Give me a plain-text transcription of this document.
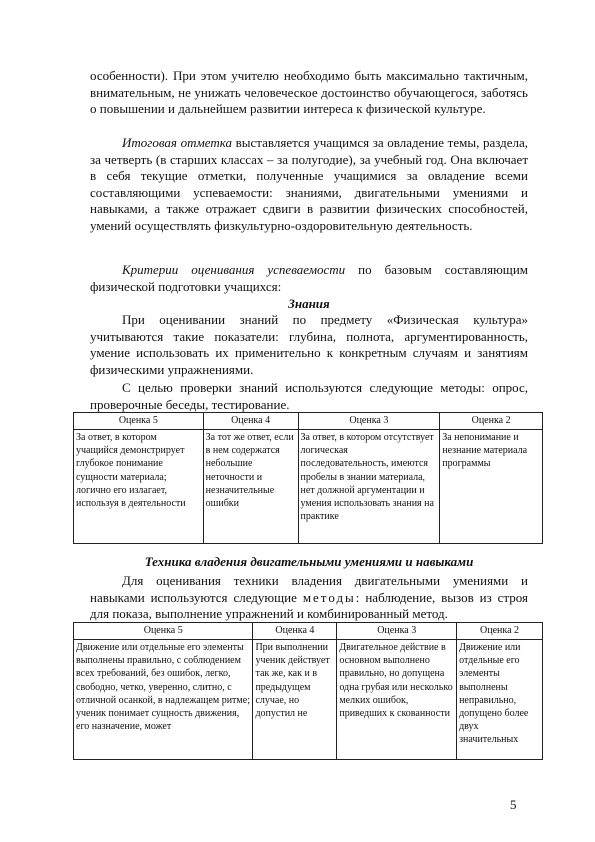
особенности). При этом учителю необходимо быть максимально тактичным, внимательным, не унижать человеческое достоинство обучающегося, заботясь о повышении и дальнейшем развитии интереса к физической культуре.
Итоговая отметка выставляется учащимся за овладение темы, раздела, за четверть (в старших классах – за полугодие), за учебный год. Она включает в себя текущие отметки, полученные учащимися за овладение всеми составляющими успеваемости: знаниями, двигательными умениями и навыками, а также отражает сдвиги в развитии физических способностей, умений осуществлять физкультурно-оздоровительную деятельность.
Критерии оценивания успеваемости по базовым составляющим физической подготовки учащихся:
Знания
При оценивании знаний по предмету «Физическая культура» учитываются такие показатели: глубина, полнота, аргументированность, умение использовать их применительно к конкретным случаям и занятиям физическими упражнениями.
С целью проверки знаний используются следующие методы: опрос, проверочные беседы, тестирование.
Оценка 5	Оценка 4	Оценка 3	Оценка 2
За ответ, в котором учащийся демонстрирует глубокое понимание сущности материала; логично его излагает, используя в деятельности	За тот же ответ, если в нем содержатся небольшие неточности и незначительные ошибки	За ответ, в котором отсутствует логическая последовательность, имеются пробелы в знании материала, нет должной аргументации и умения использовать знания на практике	За непонимание и незнание материала программы
Техника владения двигательными умениями и навыками
Для оценивания техники владения двигательными умениями и навыками используются следующие методы: наблюдение, вызов из строя для показа, выполнение упражнений и комбинированный метод.
Оценка 5	Оценка 4	Оценка 3	Оценка 2
Движение или отдельные его элементы выполнены правильно, с соблюдением всех требований, без ошибок, легко, свободно, четко, уверенно, слитно, с отличной осанкой, в надлежащем ритме; ученик понимает сущность движения, его назначение, может	При выполнении ученик действует так же, как и в предыдущем случае, но допустил не	Двигательное действие в основном выполнено правильно, но допущена одна грубая или несколько мелких ошибок, приведших к скованности	Движение или отдельные его элементы выполнены неправильно, допущено более двух значительных
5
